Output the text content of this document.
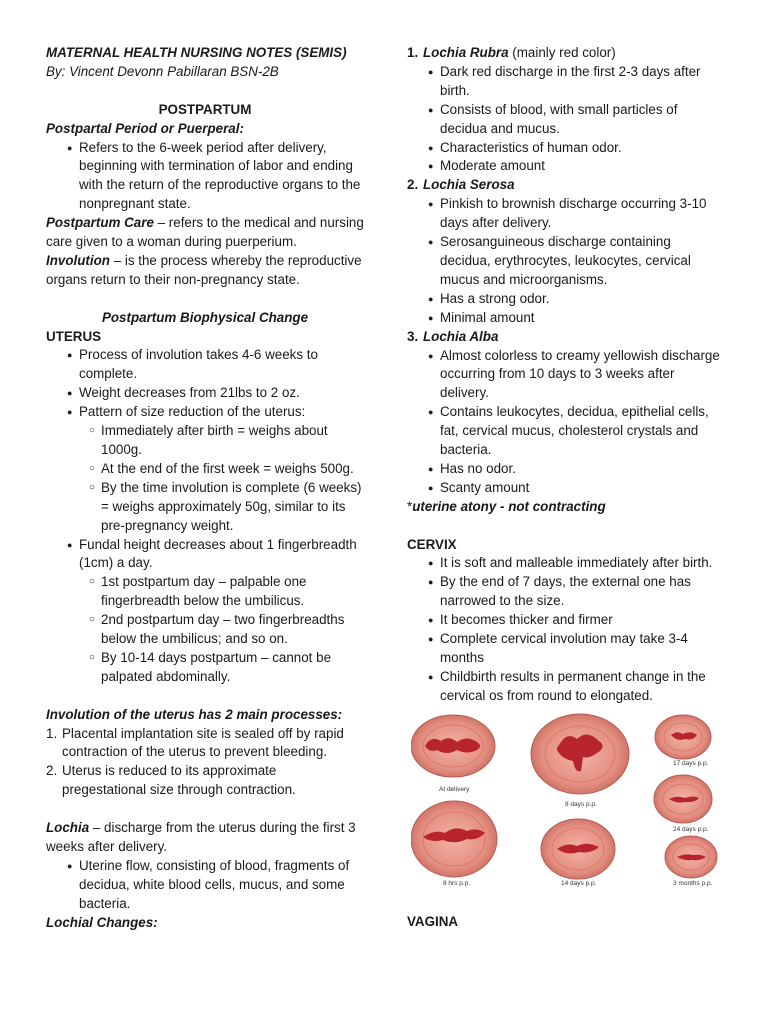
MATERNAL HEALTH NURSING NOTES (SEMIS)

By: Vincent Devonn Pabillaran BSN-2B

POSTPARTUM

Postpartal Period or Puerperal:

● Refers to the 6-week period after delivery, beginning with termination of labor and ending with the return of the reproductive organs to the nonpregnant state.

Postpartum Care – refers to the medical and nursing care given to a woman during puerperium.

Involution – is the process whereby the reproductive organs return to their non-pregnancy state.

Postpartum Biophysical Change

UTERUS

● Process of involution takes 4-6 weeks to complete.
● Weight decreases from 21lbs to 2 oz.
● Pattern of size reduction of the uterus:
○ Immediately after birth = weighs about 1000g.
○ At the end of the first week = weighs 500g.
○ By the time involution is complete (6 weeks) = weighs approximately 50g, similar to its pre-pregnancy weight.
● Fundal height decreases about 1 fingerbreadth (1cm) a day.
○ 1st postpartum day – palpable one fingerbreadth below the umbilicus.
○ 2nd postpartum day – two fingerbreadths below the umbilicus; and so on.
○ By 10-14 days postpartum – cannot be palpated abdominally.

Involution of the uterus has 2 main processes:

1. Placental implantation site is sealed off by rapid contraction of the uterus to prevent bleeding.
2. Uterus is reduced to its approximate pregestational size through contraction.

Lochia – discharge from the uterus during the first 3 weeks after delivery.

● Uterine flow, consisting of blood, fragments of decidua, white blood cells, mucus, and some bacteria.

Lochial Changes:

1. Lochia Rubra (mainly red color)

● Dark red discharge in the first 2-3 days after birth.
● Consists of blood, with small particles of decidua and mucus.
● Characteristics of human odor.
● Moderate amount

2. Lochia Serosa

● Pinkish to brownish discharge occurring 3-10 days after delivery.
● Serosanguineous discharge containing decidua, erythrocytes, leukocytes, cervical mucus and microorganisms.
● Has a strong odor.
● Minimal amount

3. Lochia Alba

● Almost colorless to creamy yellowish discharge occurring from 10 days to 3 weeks after delivery.
● Contains leukocytes, decidua, epithelial cells, fat, cervical mucus, cholesterol crystals and bacteria.
● Has no odor.
● Scanty amount

*uterine atony - not contracting

CERVIX

● It is soft and malleable immediately after birth.
● By the end of 7 days, the external one has narrowed to the size.
● It becomes thicker and firmer
● Complete cervical involution may take 3-4 months
● Childbirth results in permanent change in the cervical os from round to elongated.

VAGINA

At delivery
8 days p.p.
17 days p.p.
24 days p.p.
8 hrs p.p.	14 days p.p.	3 months p.p.
